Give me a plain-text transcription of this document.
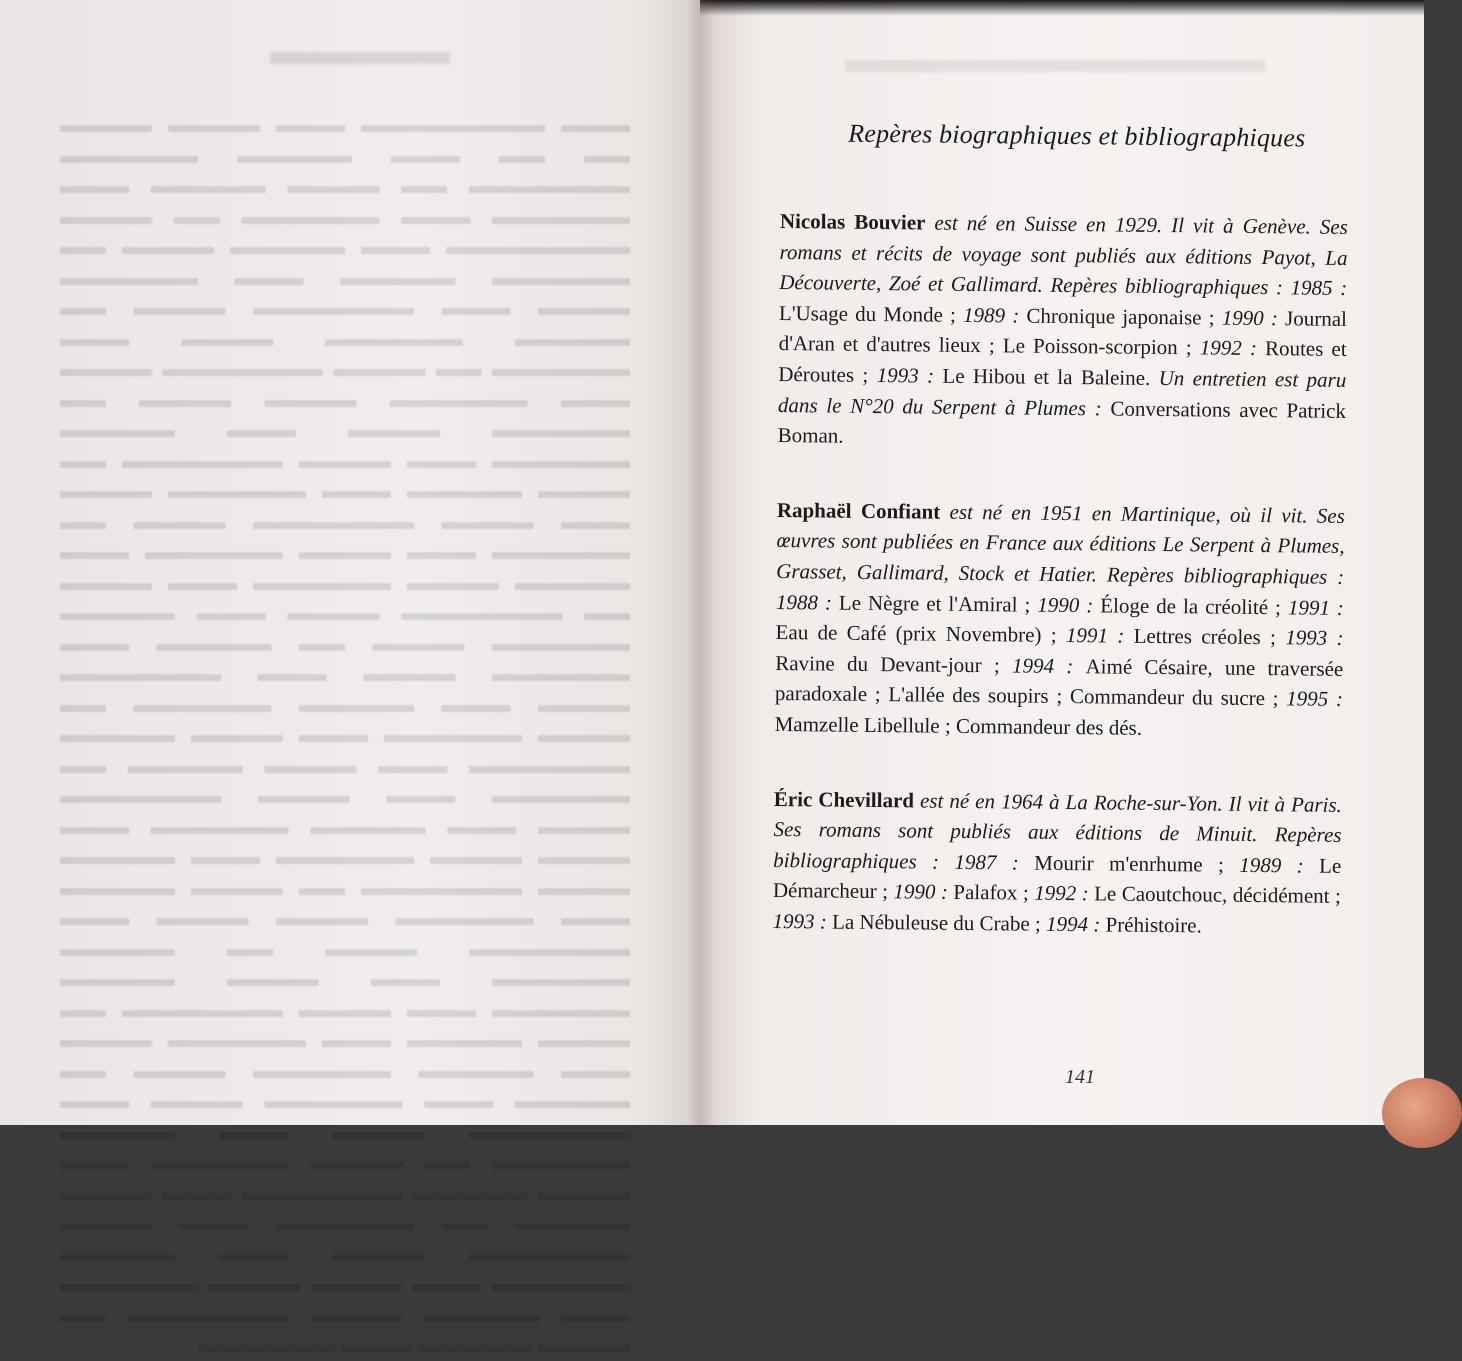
▬▬▬ ▬▬▬▬▬▬▬▬ ▬▬▬ ▬▬▬▬ ▬▬▬▬ ▬▬ ▬▬ ▬▬▬ ▬▬▬▬▬ ▬▬▬▬▬▬ ▬▬▬▬▬▬▬ ▬▬ ▬▬▬▬ ▬▬▬▬▬ ▬▬▬ ▬▬▬▬▬▬ ▬▬▬ ▬▬▬▬▬▬ ▬▬ ▬▬▬▬ ▬▬▬▬▬▬▬▬ ▬▬▬ ▬▬▬▬▬ ▬▬▬▬ ▬▬ ▬▬▬▬▬▬ ▬▬▬▬▬ ▬▬▬ ▬▬▬▬▬▬ ▬▬▬▬ ▬▬▬ ▬▬▬▬▬▬▬ ▬▬▬▬ ▬▬ ▬▬▬▬▬ ▬▬▬▬▬▬ ▬▬▬▬ ▬▬▬ ▬▬▬▬▬▬ ▬▬ ▬▬▬▬ ▬▬▬▬▬▬▬ ▬▬▬▬ ▬▬▬ ▬▬▬▬▬▬ ▬▬▬▬ ▬▬▬▬ ▬▬ ▬▬▬▬▬▬ ▬▬▬▬ ▬▬▬ ▬▬▬▬▬ ▬▬▬▬▬▬ ▬▬▬ ▬▬▬▬ ▬▬▬▬▬▬▬ ▬▬ ▬▬▬▬ ▬▬▬▬▬ ▬▬▬ ▬▬▬▬▬▬ ▬▬▬▬ ▬▬▬ ▬▬▬▬ ▬▬▬▬▬▬▬ ▬▬▬▬ ▬▬ ▬▬▬▬▬▬ ▬▬▬ ▬▬▬▬ ▬▬▬▬▬▬ ▬▬▬ ▬▬▬▬▬ ▬▬▬▬ ▬▬▬▬▬▬ ▬▬▬ ▬▬▬▬ ▬▬ ▬▬▬▬▬▬▬ ▬▬▬▬ ▬▬▬ ▬▬▬▬▬ ▬▬▬▬▬▬ ▬▬▬▬ ▬▬ ▬▬▬▬▬ ▬▬▬ ▬▬▬▬▬▬ ▬▬▬▬ ▬▬▬ ▬▬▬▬▬▬▬ ▬▬▬▬ ▬▬▬ ▬▬▬▬▬ ▬▬▬▬▬▬ ▬▬ ▬▬▬▬ ▬▬▬▬▬▬ ▬▬▬ ▬▬▬▬ ▬▬▬▬▬ ▬▬▬▬▬▬▬ ▬▬▬ ▬▬▬▬ ▬▬▬▬▬ ▬▬ ▬▬▬▬▬▬ ▬▬▬ ▬▬▬▬ ▬▬▬▬▬▬▬ ▬▬▬▬ ▬▬▬ ▬▬▬▬▬ ▬▬▬▬▬▬ ▬▬▬ ▬▬▬▬ ▬▬▬▬ ▬▬▬▬▬▬ ▬▬▬ ▬▬▬▬▬ ▬▬▬▬ ▬▬▬▬▬▬▬ ▬▬ ▬▬▬▬ ▬▬▬▬▬ ▬▬▬ ▬▬▬▬▬▬ ▬▬▬▬ ▬▬▬▬ ▬▬▬ ▬▬▬▬▬▬▬ ▬▬▬▬ ▬▬ ▬▬▬▬▬ ▬▬▬▬▬▬ ▬▬▬ ▬▬▬▬ ▬▬▬▬▬ ▬▬▬▬▬▬ ▬▬▬ ▬▬▬▬ ▬▬▬▬▬▬▬ ▬▬ ▬▬▬▬ ▬▬▬▬▬ ▬▬▬ ▬▬▬▬▬▬ ▬▬▬▬ ▬▬▬ ▬▬▬▬▬ ▬▬▬▬▬▬ ▬▬▬▬ ▬▬ ▬▬▬▬▬ ▬▬▬ ▬▬▬▬▬▬ ▬▬▬▬ ▬▬▬ ▬▬▬▬▬▬▬ ▬▬▬▬ ▬▬▬ ▬▬▬▬▬ ▬▬▬▬▬▬ ▬▬ ▬▬▬▬ ▬▬▬▬▬▬ ▬▬▬ ▬▬▬▬ ▬▬▬▬▬ ▬▬▬▬▬▬▬ ▬▬▬ ▬▬▬▬ ▬▬▬▬▬ ▬▬ ▬▬▬▬▬▬ ▬▬▬ ▬▬▬▬ ▬▬▬▬▬▬▬ ▬▬▬▬ ▬▬▬ ▬▬▬▬▬ ▬▬▬▬▬▬ ▬▬▬ ▬▬▬▬ ▬▬▬▬ ▬▬▬▬▬▬ ▬▬▬ ▬▬▬▬▬ ▬▬▬▬ ▬▬▬▬▬▬▬ ▬▬ ▬▬▬▬ ▬▬▬▬▬ ▬▬▬ ▬▬▬▬▬▬
Repères biographiques et bibliographiques
Nicolas Bouvier est né en Suisse en 1929. Il vit à Genève. Ses romans et récits de voyage sont publiés aux éditions Payot, La Découverte, Zoé et Gallimard. Repères bibliographiques : 1985 : L'Usage du Monde ; 1989 : Chronique japonaise ; 1990 : Journal d'Aran et d'autres lieux ; Le Poisson-scorpion ; 1992 : Routes et Déroutes ; 1993 : Le Hibou et la Baleine. Un entretien est paru dans le N°20 du Serpent à Plumes : Conversations avec Patrick Boman.
Raphaël Confiant est né en 1951 en Martinique, où il vit. Ses œuvres sont publiées en France aux éditions Le Serpent à Plumes, Grasset, Gallimard, Stock et Hatier. Repères bibliographiques : 1988 : Le Nègre et l'Amiral ; 1990 : Éloge de la créolité ; 1991 : Eau de Café (prix Novembre) ; 1991 : Lettres créoles ; 1993 : Ravine du Devant-jour ; 1994 : Aimé Césaire, une traversée paradoxale ; L'allée des soupirs ; Commandeur du sucre ; 1995 : Mamzelle Libellule ; Commandeur des dés.
Éric Chevillard est né en 1964 à La Roche-sur-Yon. Il vit à Paris. Ses romans sont publiés aux éditions de Minuit. Repères bibliographiques : 1987 : Mourir m'enrhume ; 1989 : Le Démarcheur ; 1990 : Palafox ; 1992 : Le Caoutchouc, décidément ; 1993 : La Nébuleuse du Crabe ; 1994 : Préhistoire.
141
